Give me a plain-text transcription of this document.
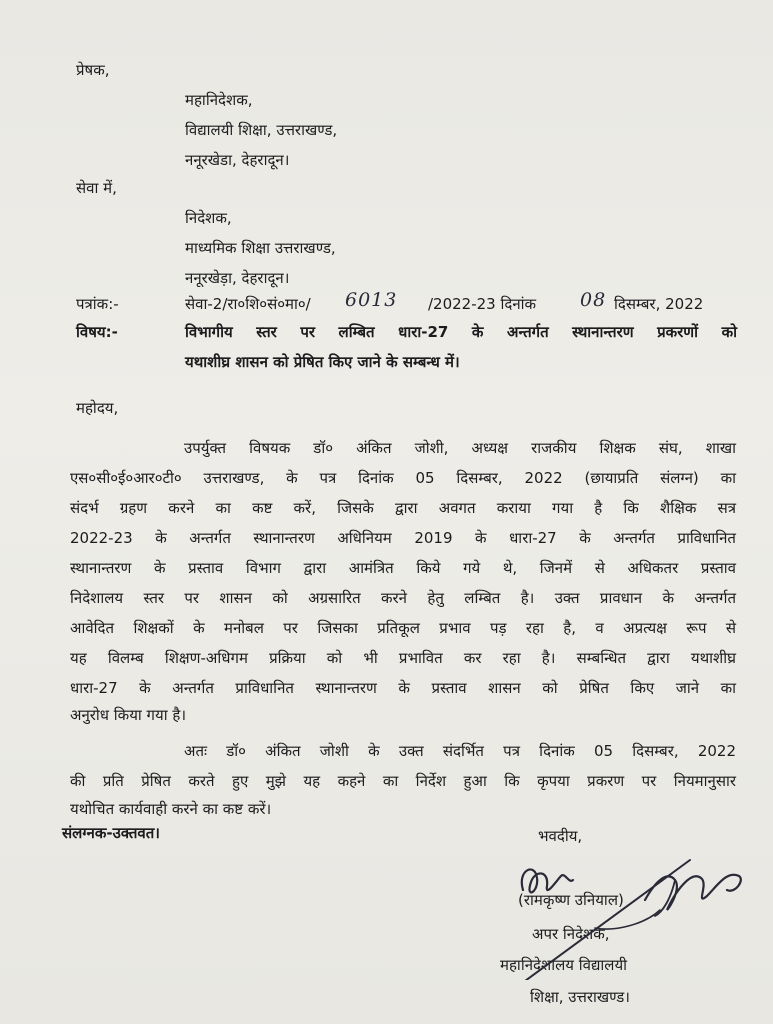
प्रेषक,
महानिदेशक,
विद्यालयी शिक्षा, उत्तराखण्ड,
ननूरखेडा, देहरादून।
सेवा में,
निदेशक,
माध्यमिक शिक्षा उत्तराखण्ड,
ननूरखेड़ा, देहरादून।
पत्रांक:-	सेवा-2/रा०शि०सं०मा०/ 6013 /2022-23 दिनांक 08 दिसम्बर, 2022
विषय:-	विभागीय स्तर पर लम्बित धारा-27 के अन्तर्गत स्थानान्तरण प्रकरणों को
यथाशीघ्र शासन को प्रेषित किए जाने के सम्बन्ध में।
महोदय,
उपर्युक्त विषयक डॉ० अंकित जोशी, अध्यक्ष राजकीय शिक्षक संघ, शाखा
एस०सी०ई०आर०टी० उत्तराखण्ड, के पत्र दिनांक 05 दिसम्बर, 2022 (छायाप्रति संलग्न) का
संदर्भ ग्रहण करने का कष्ट करें, जिसके द्वारा अवगत कराया गया है कि शैक्षिक सत्र
2022-23 के अन्तर्गत स्थानान्तरण अधिनियम 2019 के धारा-27 के अन्तर्गत प्राविधानित
स्थानान्तरण के प्रस्ताव विभाग द्वारा आमंत्रित किये गये थे, जिनमें से अधिकतर प्रस्ताव
निदेशालय स्तर पर शासन को अग्रसारित करने हेतु लम्बित है। उक्त प्रावधान के अन्तर्गत
आवेदित शिक्षकों के मनोबल पर जिसका प्रतिकूल प्रभाव पड़ रहा है, व अप्रत्यक्ष रूप से
यह विलम्ब शिक्षण-अधिगम प्रक्रिया को भी प्रभावित कर रहा है। सम्बन्धित द्वारा यथाशीघ्र
धारा-27 के अन्तर्गत प्राविधानित स्थानान्तरण के प्रस्ताव शासन को प्रेषित किए जाने का
अनुरोध किया गया है।
अतः डॉ० अंकित जोशी के उक्त संदर्भित पत्र दिनांक 05 दिसम्बर, 2022
की प्रति प्रेषित करते हुए मुझे यह कहने का निर्देश हुआ कि कृपया प्रकरण पर नियमानुसार
यथोचित कार्यवाही करने का कष्ट करें।
संलग्नक-उक्तवत।	भवदीय,
(रामकृष्ण उनियाल)
अपर निदेशक,
महानिदेशालय विद्यालयी
शिक्षा, उत्तराखण्ड।
